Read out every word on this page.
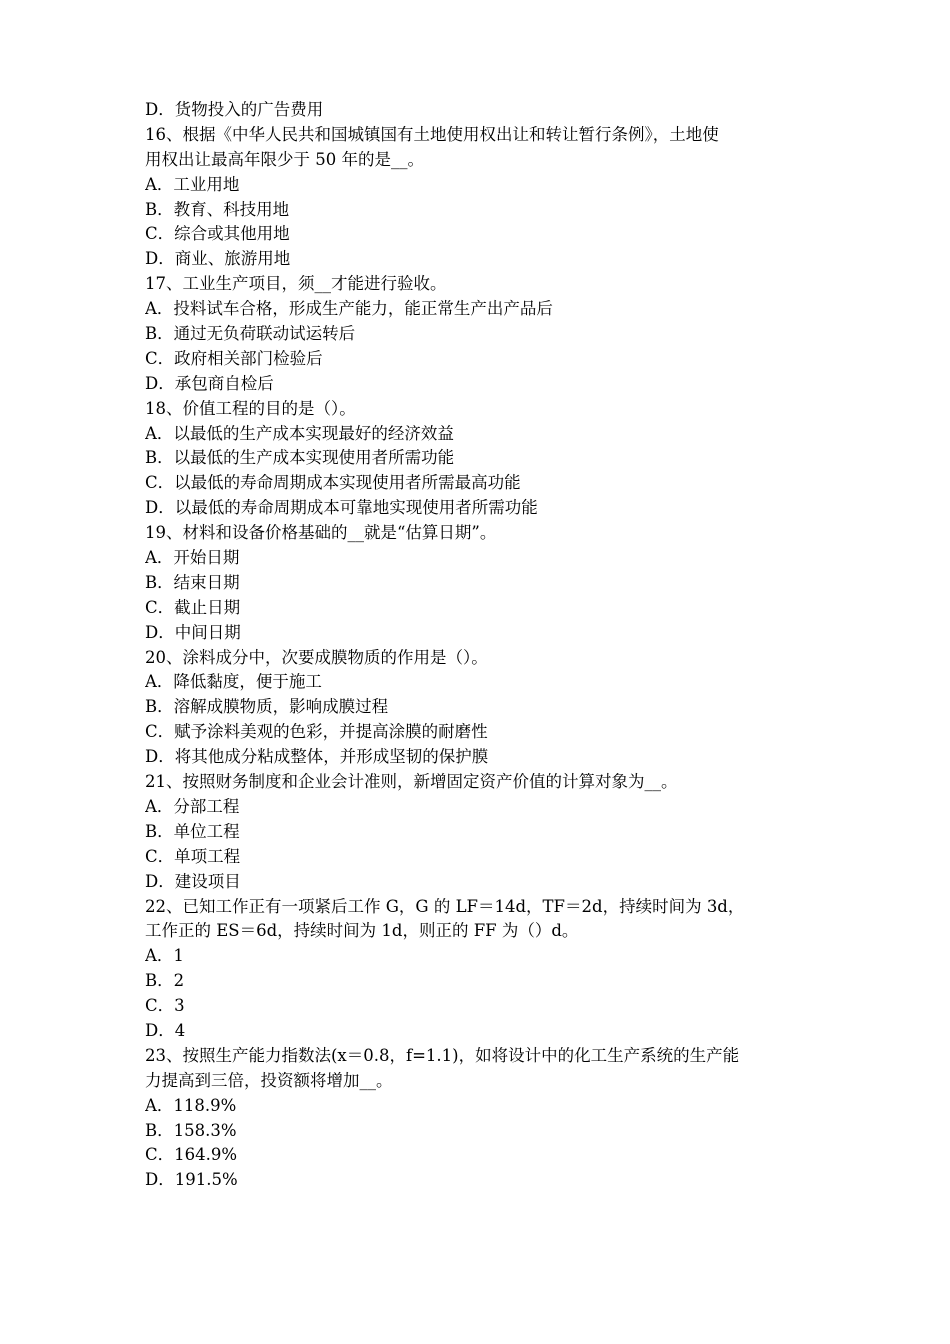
D．货物投入的广告费用
16、根据《中华人民共和国城镇国有土地使用权出让和转让暂行条例》，土地使
用权出让最高年限少于 50 年的是__。
A．工业用地
B．教育、科技用地
C．综合或其他用地
D．商业、旅游用地
17、工业生产项目，须__才能进行验收。
A．投料试车合格，形成生产能力，能正常生产出产品后
B．通过无负荷联动试运转后
C．政府相关部门检验后
D．承包商自检后
18、价值工程的目的是（）。
A．以最低的生产成本实现最好的经济效益
B．以最低的生产成本实现使用者所需功能
C．以最低的寿命周期成本实现使用者所需最高功能
D．以最低的寿命周期成本可靠地实现使用者所需功能
19、材料和设备价格基础的__就是“估算日期”。
A．开始日期
B．结束日期
C．截止日期
D．中间日期
20、涂料成分中，次要成膜物质的作用是（）。
A．降低黏度，便于施工
B．溶解成膜物质，影响成膜过程
C．赋予涂料美观的色彩，并提高涂膜的耐磨性
D．将其他成分粘成整体，并形成坚韧的保护膜
21、按照财务制度和企业会计准则，新增固定资产价值的计算对象为__。
A．分部工程
B．单位工程
C．单项工程
D．建设项目
22、已知工作正有一项紧后工作 G，G 的 LF＝14d，TF＝2d，持续时间为 3d，
工作正的 ES＝6d，持续时间为 1d，则正的 FF 为（）d。
A．1
B．2
C．3
D．4
23、按照生产能力指数法(x＝0.8，f=1.1)，如将设计中的化工生产系统的生产能
力提高到三倍，投资额将增加__。
A．118.9%
B．158.3%
C．164.9%
D．191.5%
